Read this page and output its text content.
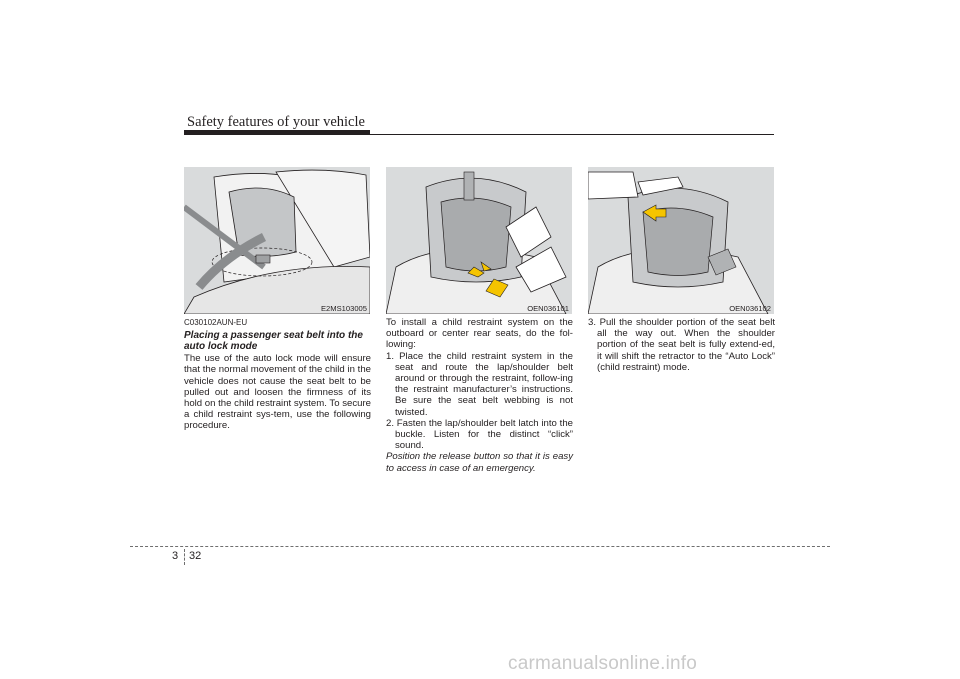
Safety features of your vehicle
E2MS103005	OEN036101	OEN036102

C030102AUN-EU

Placing a passenger seat belt into the auto lock mode

The use of the auto lock mode will ensure that the normal movement of the child in the vehicle does not cause the seat belt to be pulled out and loosen the firmness of its hold on the child restraint system. To secure a child restraint sys-tem, use the following procedure.

To install a child restraint system on the outboard or center rear seats, do the fol-lowing:

1. Place the child restraint system in the seat and route the lap/shoulder belt around or through the restraint, follow-ing the restraint manufacturer’s instructions. Be sure the seat belt webbing is not twisted.
2. Fasten the lap/shoulder belt latch into the buckle. Listen for the distinct “click” sound.

Position the release button so that it is easy to access in case of an emergency.

3. Pull the shoulder portion of the seat belt all the way out. When the shoulder portion of the seat belt is fully extend-ed, it will shift the retractor to the “Auto Lock” (child restraint) mode.
3 32
carmanualsonline.info
